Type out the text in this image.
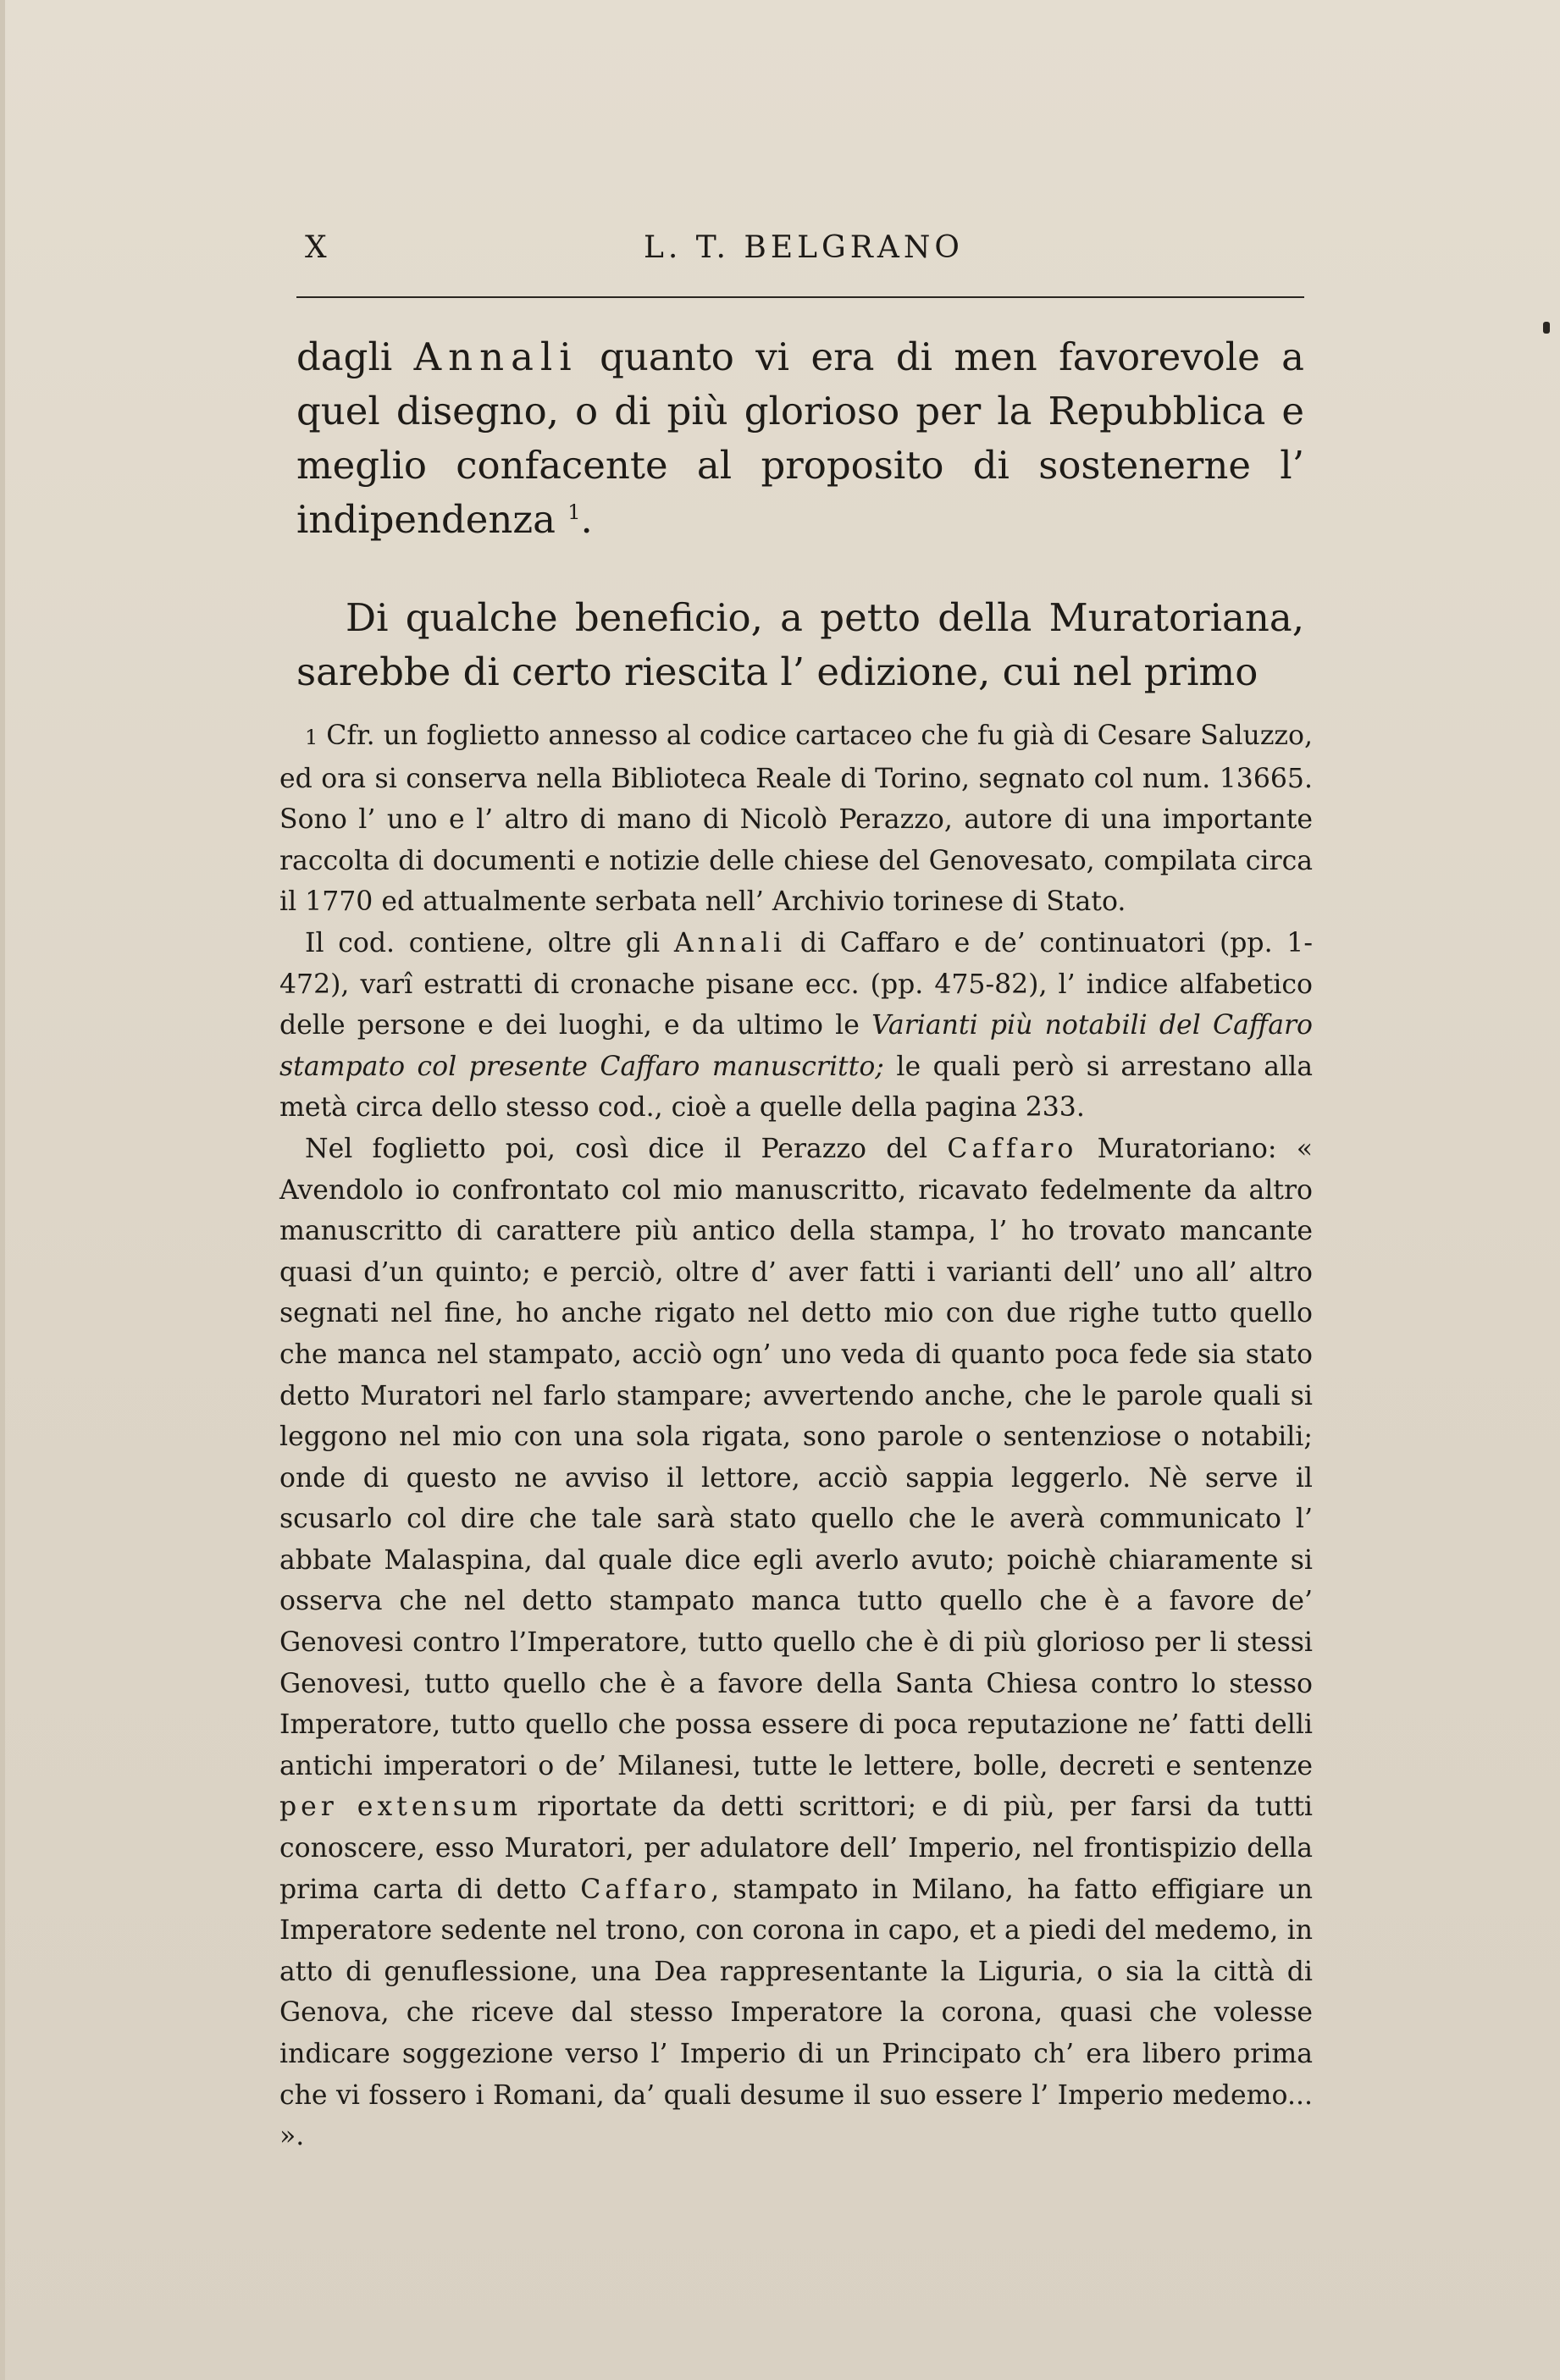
X	L. T. BELGRANO

dagli Annali quanto vi era di men favorevole a quel disegno, o di più glorioso per la Repubblica e meglio confacente al proposito di sostenerne l’ indipendenza $^1$.

Di qualche beneficio, a petto della Muratoriana, sarebbe di certo riescita l’ edizione, cui nel primo

1 Cfr. un foglietto annesso al codice cartaceo che fu già di Cesare Saluzzo, ed ora si conserva nella Biblioteca Reale di Torino, segnato col num. 13665. Sono l’ uno e l’ altro di mano di Nicolò Perazzo, autore di una importante raccolta di documenti e notizie delle chiese del Genovesato, compilata circa il 1770 ed attualmente serbata nell’ Archivio torinese di Stato.

Il cod. contiene, oltre gli Annali di Caffaro e de’ continuatori (pp. 1-472), varî estratti di cronache pisane ecc. (pp. 475-82), l’ indice alfabetico delle persone e dei luoghi, e da ultimo le Varianti più notabili del Caffaro stampato col presente Caffaro manuscritto; le quali però si arrestano alla metà circa dello stesso cod., cioè a quelle della pagina 233.

Nel foglietto poi, così dice il Perazzo del Caffaro Muratoriano: « Avendolo io confrontato col mio manuscritto, ricavato fedelmente da altro manuscritto di carattere più antico della stampa, l’ ho trovato mancante quasi d’un quinto; e perciò, oltre d’ aver fatti i varianti dell’ uno all’ altro segnati nel fine, ho anche rigato nel detto mio con due righe tutto quello che manca nel stampato, acciò ogn’ uno veda di quanto poca fede sia stato detto Muratori nel farlo stampare; avvertendo anche, che le parole quali si leggono nel mio con una sola rigata, sono parole o sentenziose o notabili; onde di questo ne avviso il lettore, acciò sappia leggerlo. Nè serve il scusarlo col dire che tale sarà stato quello che le averà communicato l’ abbate Malaspina, dal quale dice egli averlo avuto; poichè chiaramente si osserva che nel detto stampato manca tutto quello che è a favore de’ Genovesi contro l’Imperatore, tutto quello che è di più glorioso per li stessi Genovesi, tutto quello che è a favore della Santa Chiesa contro lo stesso Imperatore, tutto quello che possa essere di poca reputazione ne’ fatti delli antichi imperatori o de’ Milanesi, tutte le lettere, bolle, decreti e sentenze per extensum riportate da detti scrittori; e di più, per farsi da tutti conoscere, esso Muratori, per adulatore dell’ Imperio, nel frontispizio della prima carta di detto Caffaro, stampato in Milano, ha fatto effigiare un Imperatore sedente nel trono, con corona in capo, et a piedi del medemo, in atto di genuflessione, una Dea rappresentante la Liguria, o sia la città di Genova, che riceve dal stesso Imperatore la corona, quasi che volesse indicare soggezione verso l’ Imperio di un Principato ch’ era libero prima che vi fossero i Romani, da’ quali desume il suo essere l’ Imperio medemo... ».
